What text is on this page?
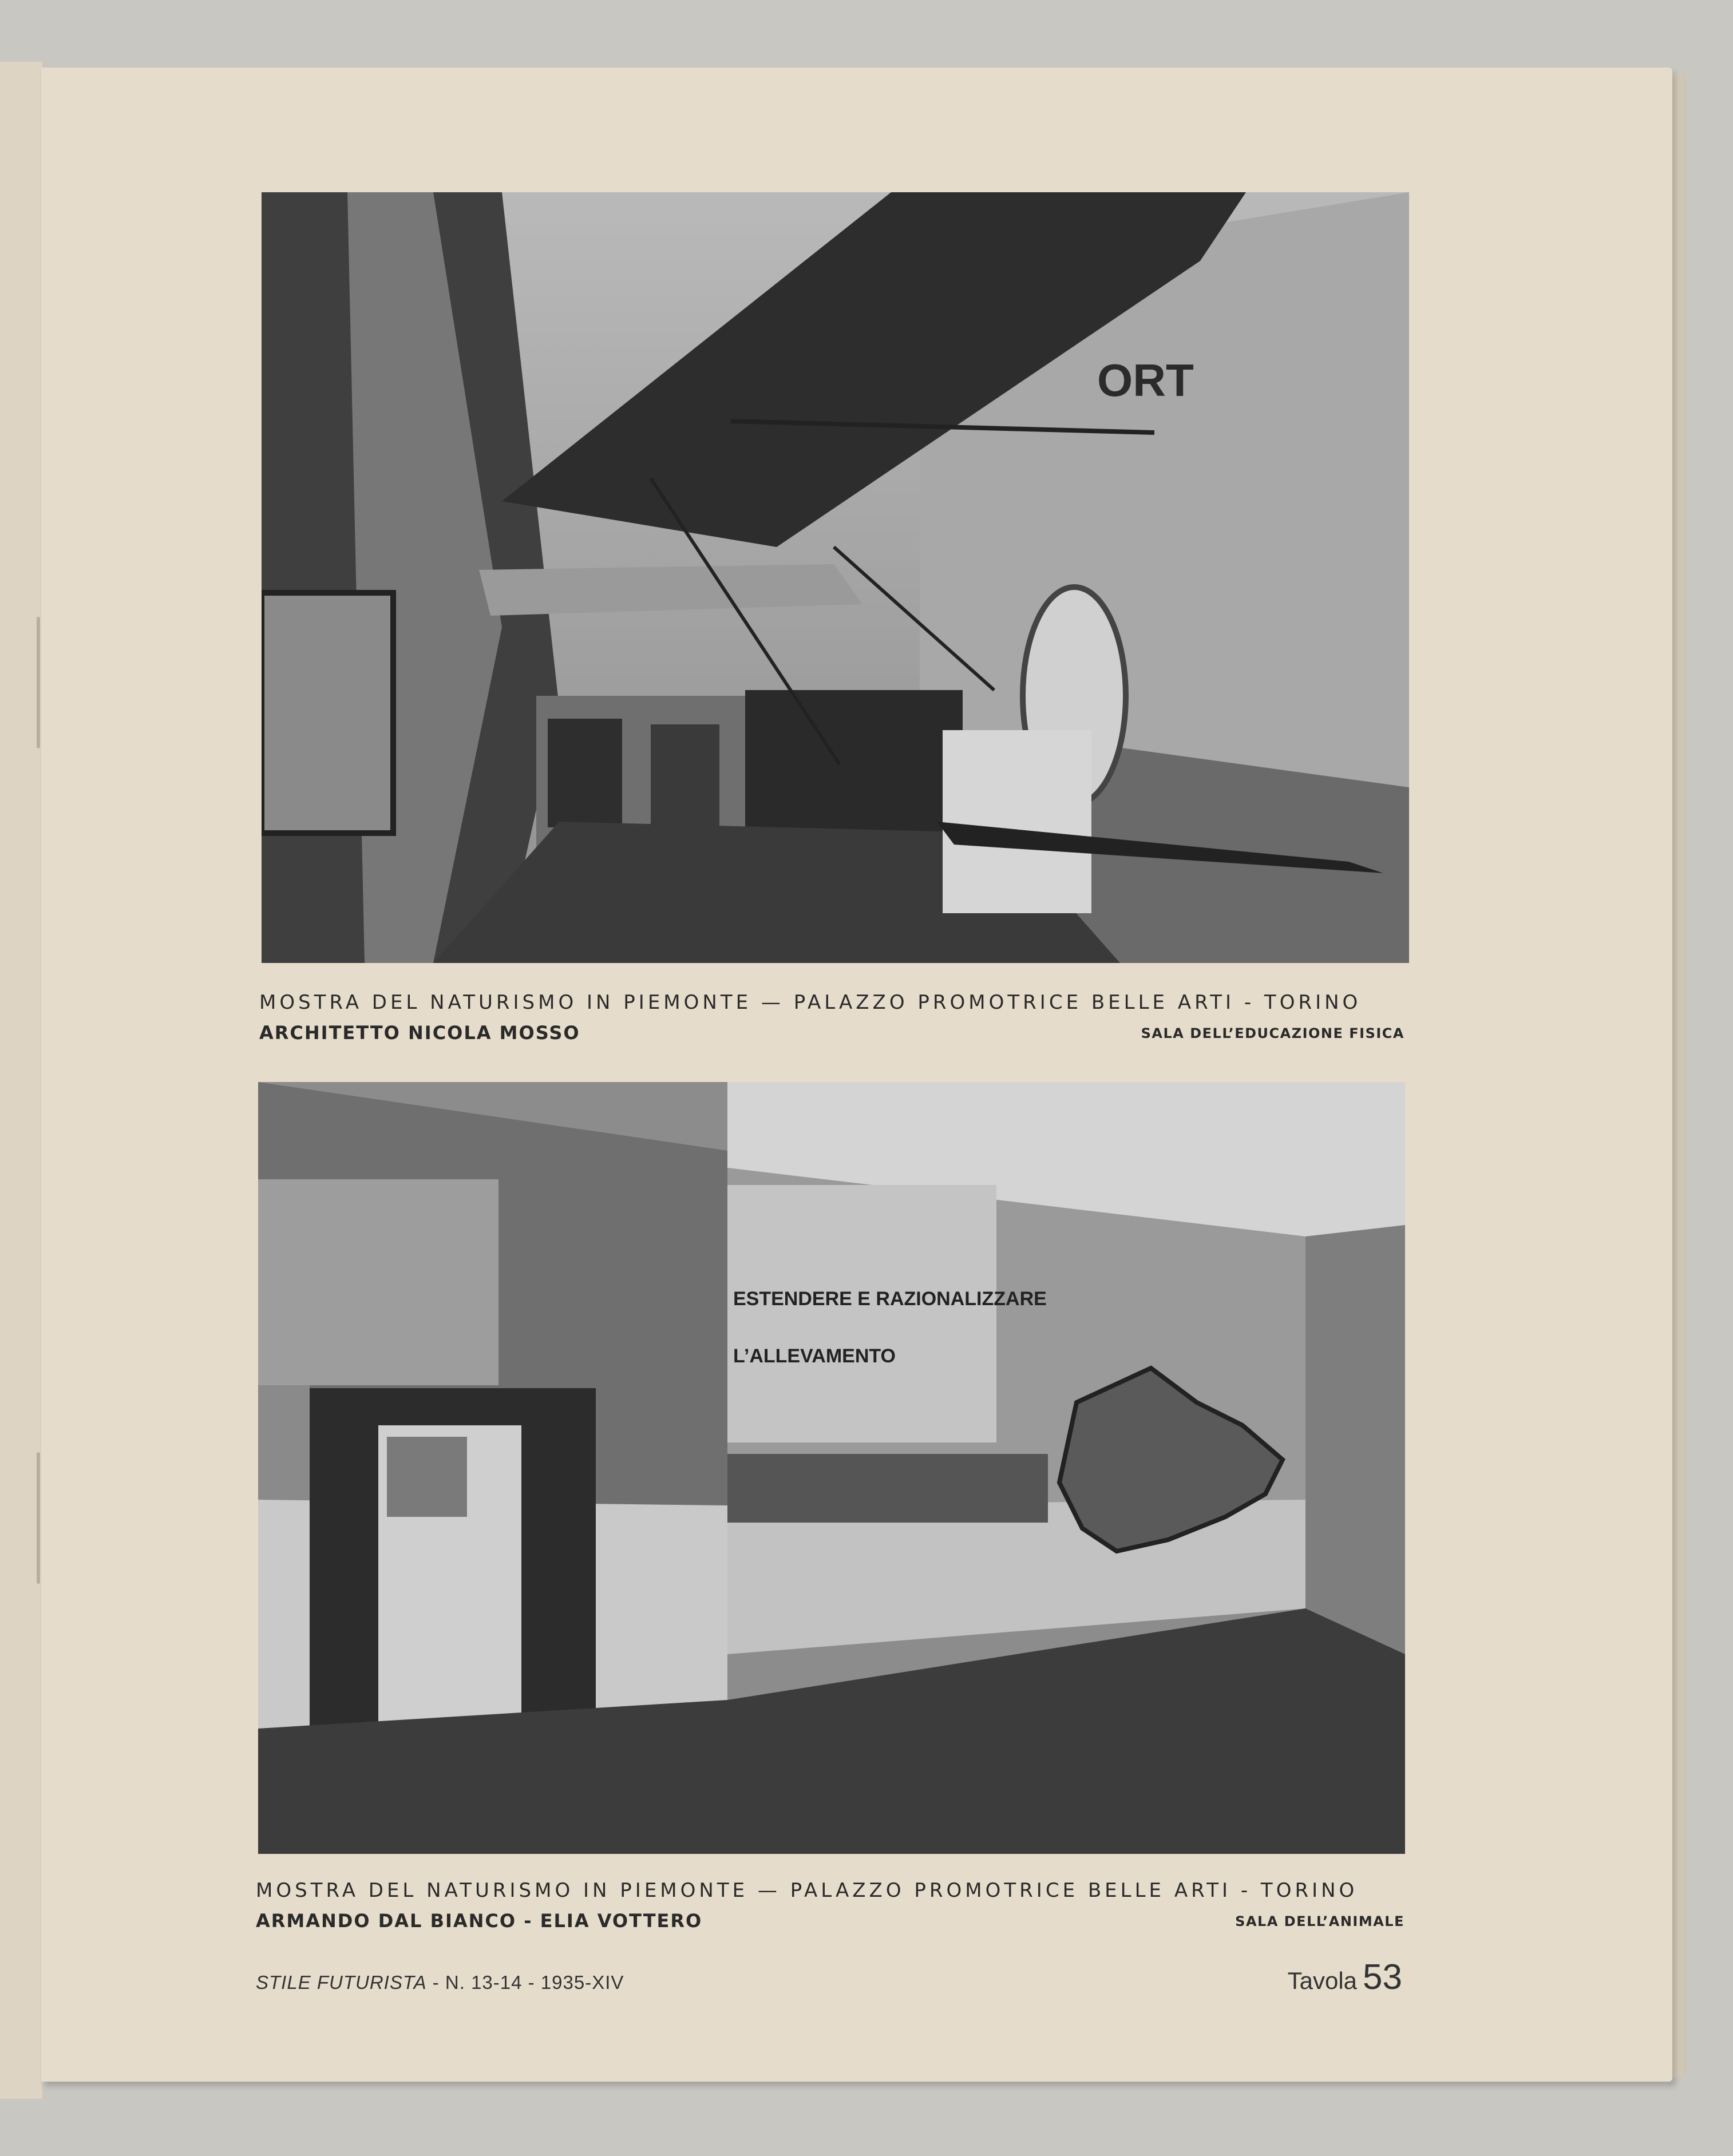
ORT
MOSTRA DEL NATURISMO IN PIEMONTE — PALAZZO PROMOTRICE BELLE ARTI - TORINO
ARCHITETTO NICOLA MOSSO	SALA DELL’EDUCAZIONE FISICA
ESTENDERE E RAZIONALIZZARE
L’ALLEVAMENTO
MOSTRA DEL NATURISMO IN PIEMONTE — PALAZZO PROMOTRICE BELLE ARTI - TORINO
ARMANDO DAL BIANCO - ELIA VOTTERO	SALA DELL’ANIMALE
STILE FUTURISTA - N. 13-14 - 1935-XIV	Tavola 53
